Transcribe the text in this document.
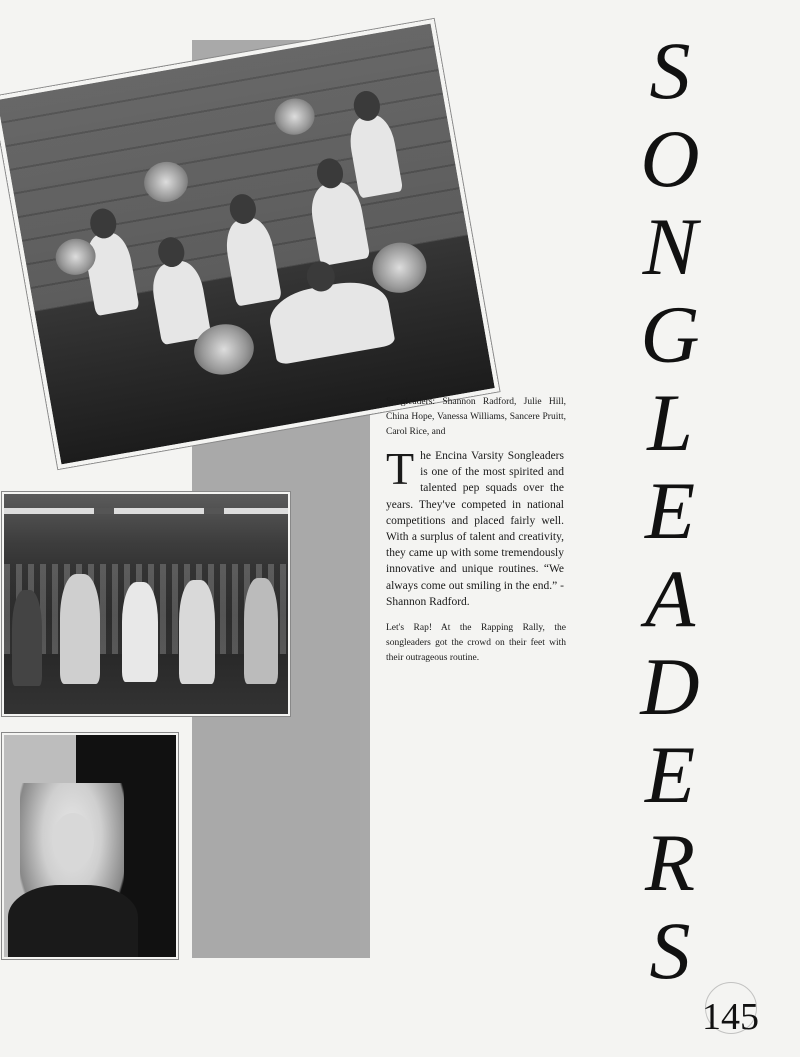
Songleaders: Shannon Radford, Julie Hill, China Hope, Vanessa Williams, Sancere Pruitt, Carol Rice, and
The Encina Varsity Songleaders is one of the most spirited and talented pep squads over the years. They've competed in national competitions and placed fairly well. With a surplus of talent and creativity, they came up with some tremendously innovative and unique routines. “We always come out smiling in the end.” - Shannon Radford.
Let's Rap! At the Rapping Rally, the songleaders got the crowd on their feet with their outrageous routine.
S
O
N
G
L
E
A
D
E
R
S
145
